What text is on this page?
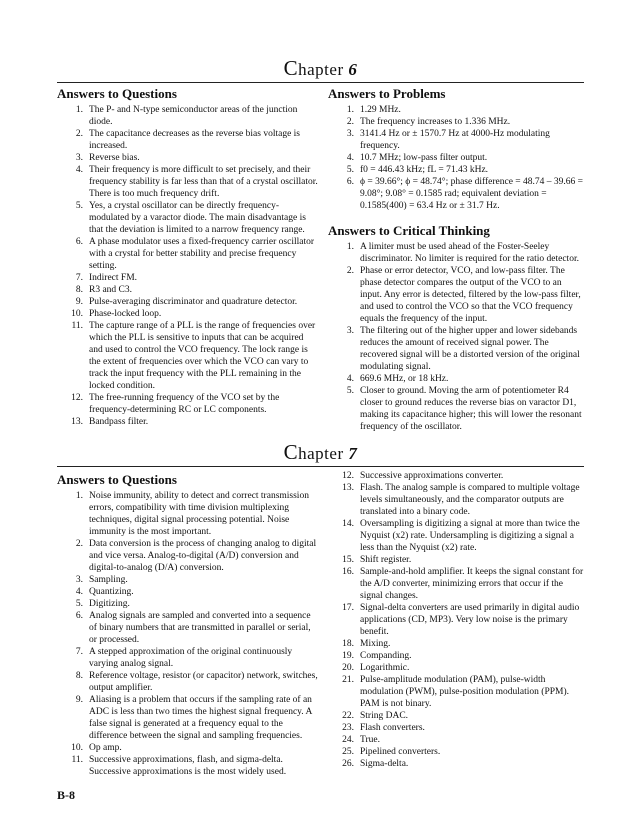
Chapter 6
Answers to Questions
1. The P- and N-type semiconductor areas of the junction diode.
2. The capacitance decreases as the reverse bias voltage is increased.
3. Reverse bias.
4. Their frequency is more difficult to set precisely, and their frequency stability is far less than that of a crystal oscillator. There is too much frequency drift.
5. Yes, a crystal oscillator can be directly frequency-modulated by a varactor diode. The main disadvantage is that the deviation is limited to a narrow frequency range.
6. A phase modulator uses a fixed-frequency carrier oscillator with a crystal for better stability and precise frequency setting.
7. Indirect FM.
8. R3 and C3.
9. Pulse-averaging discriminator and quadrature detector.
10. Phase-locked loop.
11. The capture range of a PLL is the range of frequencies over which the PLL is sensitive to inputs that can be acquired and used to control the VCO frequency. The lock range is the extent of frequencies over which the VCO can vary to track the input frequency with the PLL remaining in the locked condition.
12. The free-running frequency of the VCO set by the frequency-determining RC or LC components.
13. Bandpass filter.
Answers to Problems
1. 1.29 MHz.
2. The frequency increases to 1.336 MHz.
3. 3141.4 Hz or ± 1570.7 Hz at 4000-Hz modulating frequency.
4. 10.7 MHz; low-pass filter output.
5. f0 = 446.43 kHz; fL = 71.43 kHz.
6. ϕ = 39.66°; ϕ = 48.74°; phase difference = 48.74 – 39.66 = 9.08°; 9.08° = 0.1585 rad; equivalent deviation = 0.1585(400) = 63.4 Hz or ± 31.7 Hz.
Answers to Critical Thinking
1. A limiter must be used ahead of the Foster-Seeley discriminator. No limiter is required for the ratio detector.
2. Phase or error detector, VCO, and low-pass filter. The phase detector compares the output of the VCO to an input. Any error is detected, filtered by the low-pass filter, and used to control the VCO so that the VCO frequency equals the frequency of the input.
3. The filtering out of the higher upper and lower sidebands reduces the amount of received signal power. The recovered signal will be a distorted version of the original modulating signal.
4. 669.6 MHz, or 18 kHz.
5. Closer to ground. Moving the arm of potentiometer R4 closer to ground reduces the reverse bias on varactor D1, making its capacitance higher; this will lower the resonant frequency of the oscillator.
Chapter 7
Answers to Questions
1. Noise immunity, ability to detect and correct transmission errors, compatibility with time division multiplexing techniques, digital signal processing potential. Noise immunity is the most important.
2. Data conversion is the process of changing analog to digital and vice versa. Analog-to-digital (A/D) conversion and digital-to-analog (D/A) conversion.
3. Sampling.
4. Quantizing.
5. Digitizing.
6. Analog signals are sampled and converted into a sequence of binary numbers that are transmitted in parallel or serial, or processed.
7. A stepped approximation of the original continuously varying analog signal.
8. Reference voltage, resistor (or capacitor) network, switches, output amplifier.
9. Aliasing is a problem that occurs if the sampling rate of an ADC is less than two times the highest signal frequency. A false signal is generated at a frequency equal to the difference between the signal and sampling frequencies.
10. Op amp.
11. Successive approximations, flash, and sigma-delta. Successive approximations is the most widely used.
12. Successive approximations converter.
13. Flash. The analog sample is compared to multiple voltage levels simultaneously, and the comparator outputs are translated into a binary code.
14. Oversampling is digitizing a signal at more than twice the Nyquist (x2) rate. Undersampling is digitizing a signal a less than the Nyquist (x2) rate.
15. Shift register.
16. Sample-and-hold amplifier. It keeps the signal constant for the A/D converter, minimizing errors that occur if the signal changes.
17. Signal-delta converters are used primarily in digital audio applications (CD, MP3). Very low noise is the primary benefit.
18. Mixing.
19. Companding.
20. Logarithmic.
21. Pulse-amplitude modulation (PAM), pulse-width modulation (PWM), pulse-position modulation (PPM). PAM is not binary.
22. String DAC.
23. Flash converters.
24. True.
25. Pipelined converters.
26. Sigma-delta.
B-8
